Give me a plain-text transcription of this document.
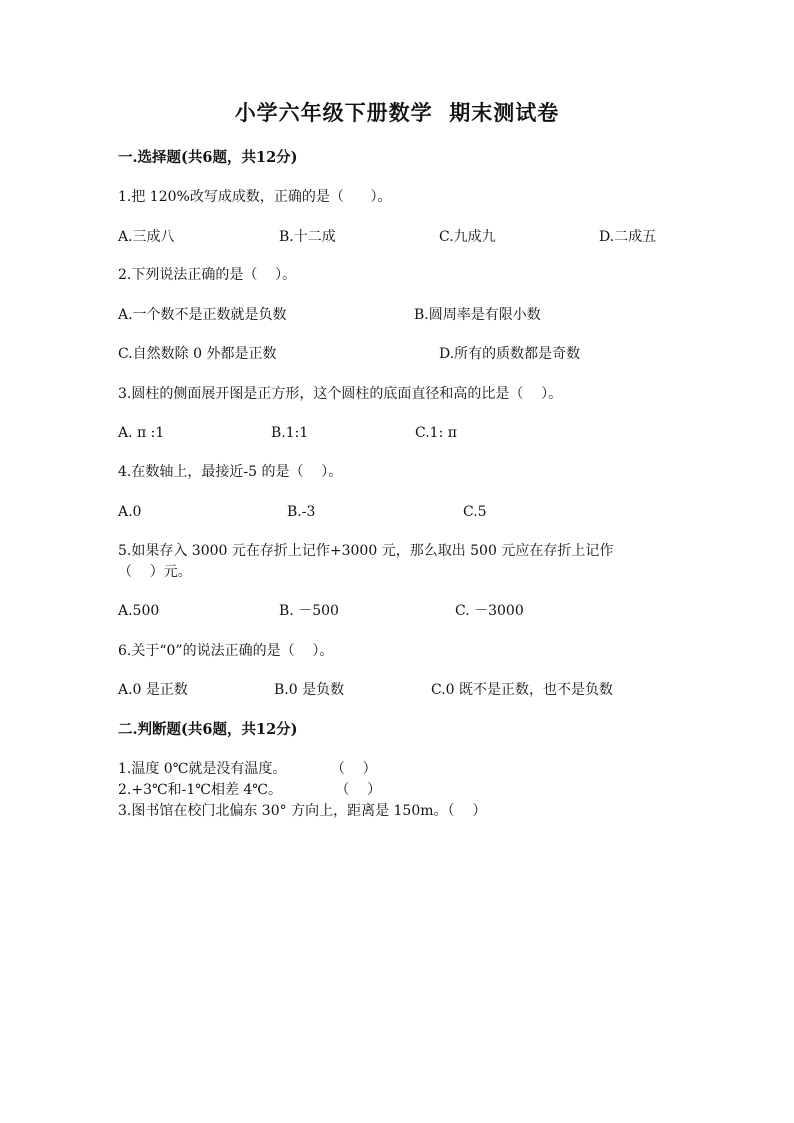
小学六年级下册数学  期末测试卷
一.选择题(共6题，共12分)
1.把 120%改写成成数，正确的是（      ）。
A.三成八	B.十二成	C.九成九	D.二成五
2.下列说法正确的是（    ）。
A.一个数不是正数就是负数	B.圆周率是有限小数
C.自然数除 0 外都是正数	D.所有的质数都是奇数
3.圆柱的侧面展开图是正方形，这个圆柱的底面直径和高的比是（    ）。
A. π :1	B.1:1	C.1: π
4.在数轴上，最接近-5 的是（    ）。
A.0	B.-3	C.5
5.如果存入 3000 元在存折上记作+3000 元，那么取出 500 元应在存折上记作
（    ）元。
A.500	B. －500	C. －3000
6.关于“0”的说法正确的是（    ）。
A.0 是正数	B.0 是负数	C.0 既不是正数，也不是负数
二.判断题(共6题，共12分)
1.温度 0℃就是没有温度。          （    ）
2.+3℃和-1℃相差 4℃。            （    ）
3.图书馆在校门北偏东 30° 方向上，距离是 150m。（    ）
